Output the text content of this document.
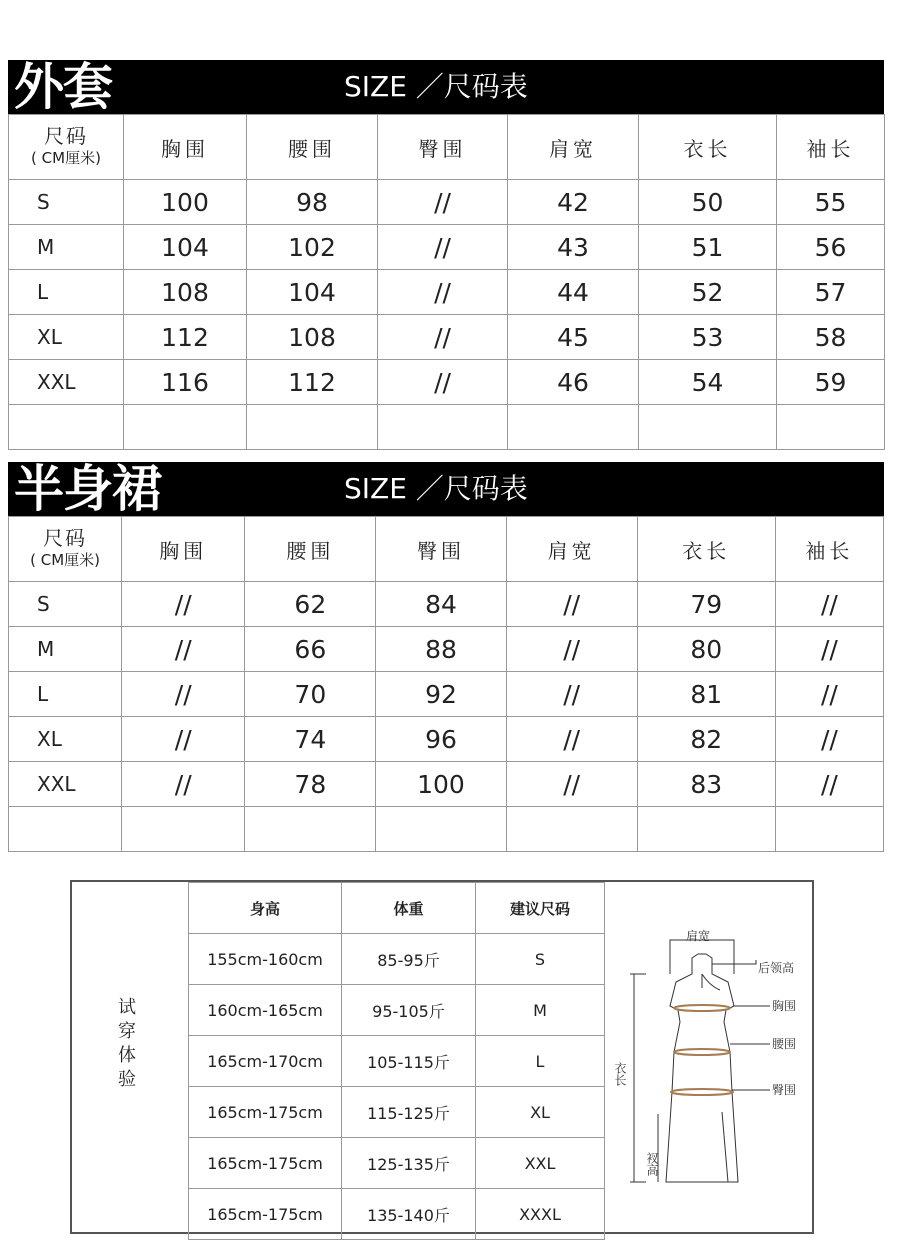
外套	SIZE ／尺码表
尺码
( CM厘米)	胸围	腰围	臀围	肩宽	衣长	袖长
S	100	98	//	42	50	55
M	104	102	//	43	51	56
L	108	104	//	44	52	57
XL	112	108	//	45	53	58
XXL	116	112	//	46	54	59

半身裙	SIZE ／尺码表
尺码
( CM厘米)	胸围	腰围	臀围	肩宽	衣长	袖长
S	//	62	84	//	79	//
M	//	66	88	//	80	//
L	//	70	92	//	81	//
XL	//	74	96	//	82	//
XXL	//	78	100	//	83	//

试穿体验
身高	体重	建议尺码
155cm-160cm	85-95斤	S
160cm-165cm	95-105斤	M
165cm-170cm	105-115斤	L
165cm-175cm	115-125斤	XL
165cm-175cm	125-135斤	XXL
165cm-175cm	135-140斤	XXXL
肩宽
后领高
胸围
腰围
臀围
衣长
衩高
